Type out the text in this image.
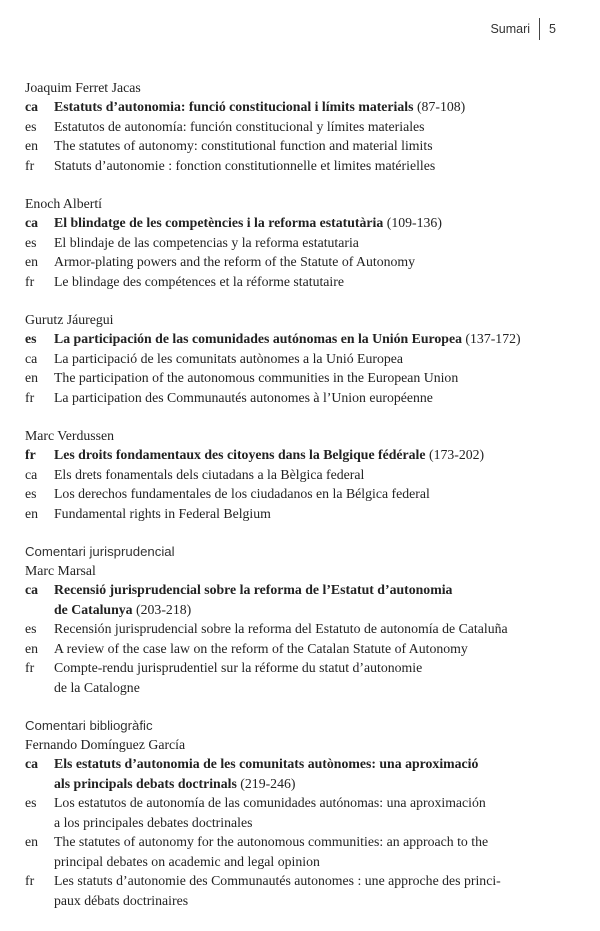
Sumari 5
Joaquim Ferret Jacas
ca	Estatuts d’autonomia: funció constitucional i límits materials (87-108)
es	Estatutos de autonomía: función constitucional y límites materiales
en	The statutes of autonomy: constitutional function and material limits
fr	Statuts d’autonomie : fonction constitutionnelle et limites matérielles
Enoch Albertí
ca	El blindatge de les competències i la reforma estatutària (109-136)
es	El blindaje de las competencias y la reforma estatutaria
en	Armor-plating powers and the reform of the Statute of Autonomy
fr	Le blindage des compétences et la réforme statutaire
Gurutz Jáuregui
es	La participación de las comunidades autónomas en la Unión Europea (137-172)
ca	La participació de les comunitats autònomes a la Unió Europea
en	The participation of the autonomous communities in the European Union
fr	La participation des Communautés autonomes à l’Union européenne
Marc Verdussen
fr	Les droits fondamentaux des citoyens dans la Belgique fédérale (173-202)
ca	Els drets fonamentals dels ciutadans a la Bèlgica federal
es	Los derechos fundamentales de los ciudadanos en la Bélgica federal
en	Fundamental rights in Federal Belgium
Comentari jurisprudencial
Marc Marsal
ca	Recensió jurisprudencial sobre la reforma de l’Estatut d’autonomia
de Catalunya (203-218)
es	Recensión jurisprudencial sobre la reforma del Estatuto de autonomía de Cataluña
en	A review of the case law on the reform of the Catalan Statute of Autonomy
fr	Compte-rendu jurisprudentiel sur la réforme du statut d’autonomie
de la Catalogne
Comentari bibliogràfic
Fernando Domínguez García
ca	Els estatuts d’autonomia de les comunitats autònomes: una aproximació
als principals debats doctrinals (219-246)
es	Los estatutos de autonomía de las comunidades autónomas: una aproximación
a los principales debates doctrinales
en	The statutes of autonomy for the autonomous communities: an approach to the
principal debates on academic and legal opinion
fr	Les statuts d’autonomie des Communautés autonomes : une approche des princi-
paux débats doctrinaires
